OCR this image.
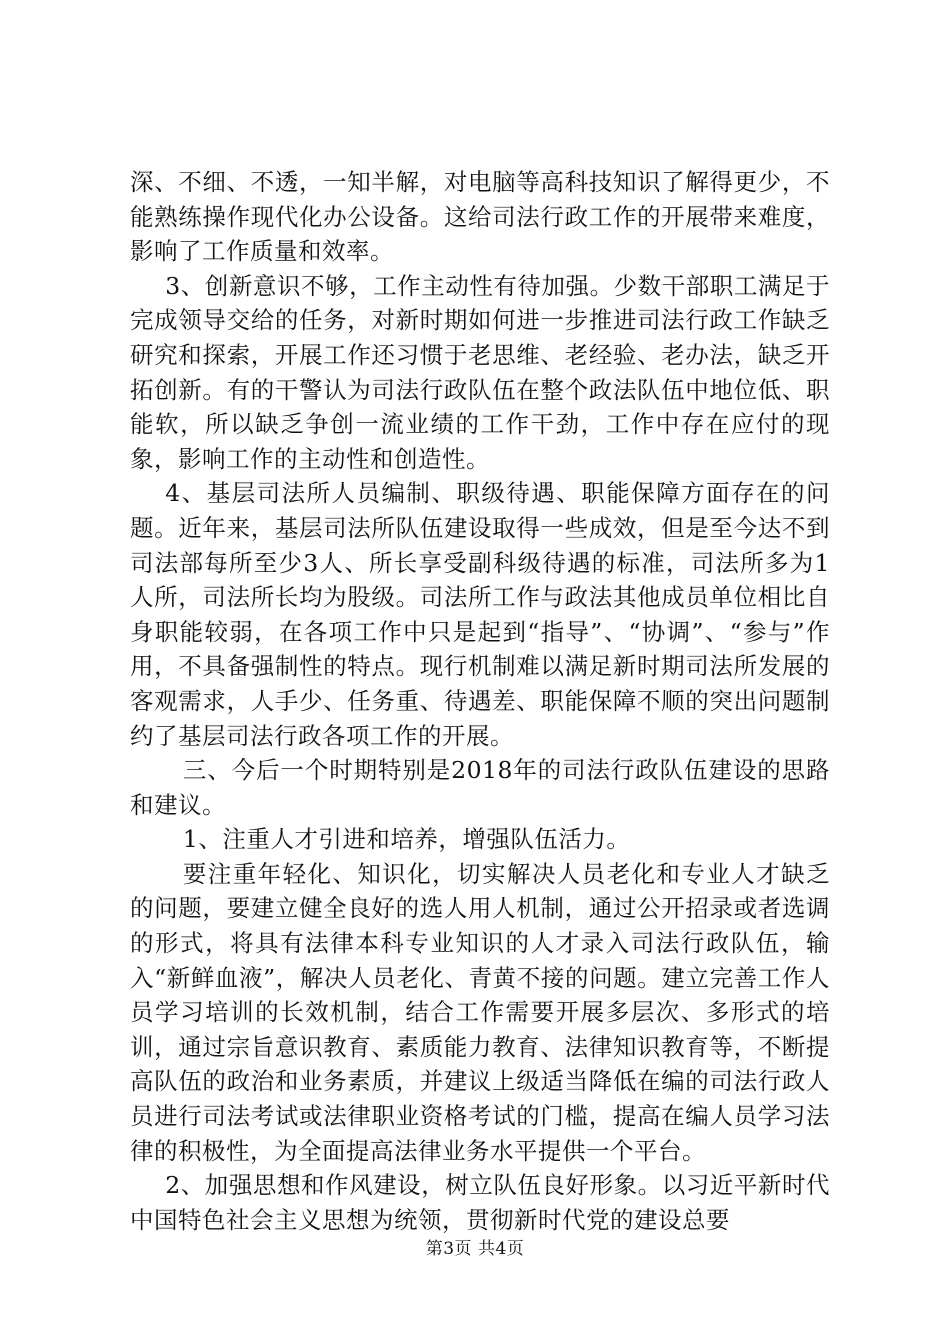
深、不细、不透，一知半解，对电脑等高科技知识了解得更少，不能熟练操作现代化办公设备。这给司法行政工作的开展带来难度，影响了工作质量和效率。

3、创新意识不够，工作主动性有待加强。少数干部职工满足于完成领导交给的任务，对新时期如何进一步推进司法行政工作缺乏研究和探索，开展工作还习惯于老思维、老经验、老办法，缺乏开拓创新。有的干警认为司法行政队伍在整个政法队伍中地位低、职能软，所以缺乏争创一流业绩的工作干劲，工作中存在应付的现象，影响工作的主动性和创造性。

4、基层司法所人员编制、职级待遇、职能保障方面存在的问题。近年来，基层司法所队伍建设取得一些成效，但是至今达不到司法部每所至少3人、所长享受副科级待遇的标准，司法所多为1人所，司法所长均为股级。司法所工作与政法其他成员单位相比自身职能较弱，在各项工作中只是起到“指导”、“协调”、“参与”作用，不具备强制性的特点。现行机制难以满足新时期司法所发展的客观需求，人手少、任务重、待遇差、职能保障不顺的突出问题制约了基层司法行政各项工作的开展。

三、今后一个时期特别是2018年的司法行政队伍建设的思路和建议。

1、注重人才引进和培养，增强队伍活力。

要注重年轻化、知识化，切实解决人员老化和专业人才缺乏的问题，要建立健全良好的选人用人机制，通过公开招录或者选调的形式，将具有法律本科专业知识的人才录入司法行政队伍，输入“新鲜血液”，解决人员老化、青黄不接的问题。建立完善工作人员学习培训的长效机制，结合工作需要开展多层次、多形式的培训，通过宗旨意识教育、素质能力教育、法律知识教育等，不断提高队伍的政治和业务素质，并建议上级适当降低在编的司法行政人员进行司法考试或法律职业资格考试的门槛，提高在编人员学习法律的积极性，为全面提高法律业务水平提供一个平台。

2、加强思想和作风建设，树立队伍良好形象。以习近平新时代中国特色社会主义思想为统领，贯彻新时代党的建设总要

第3页 共4页
